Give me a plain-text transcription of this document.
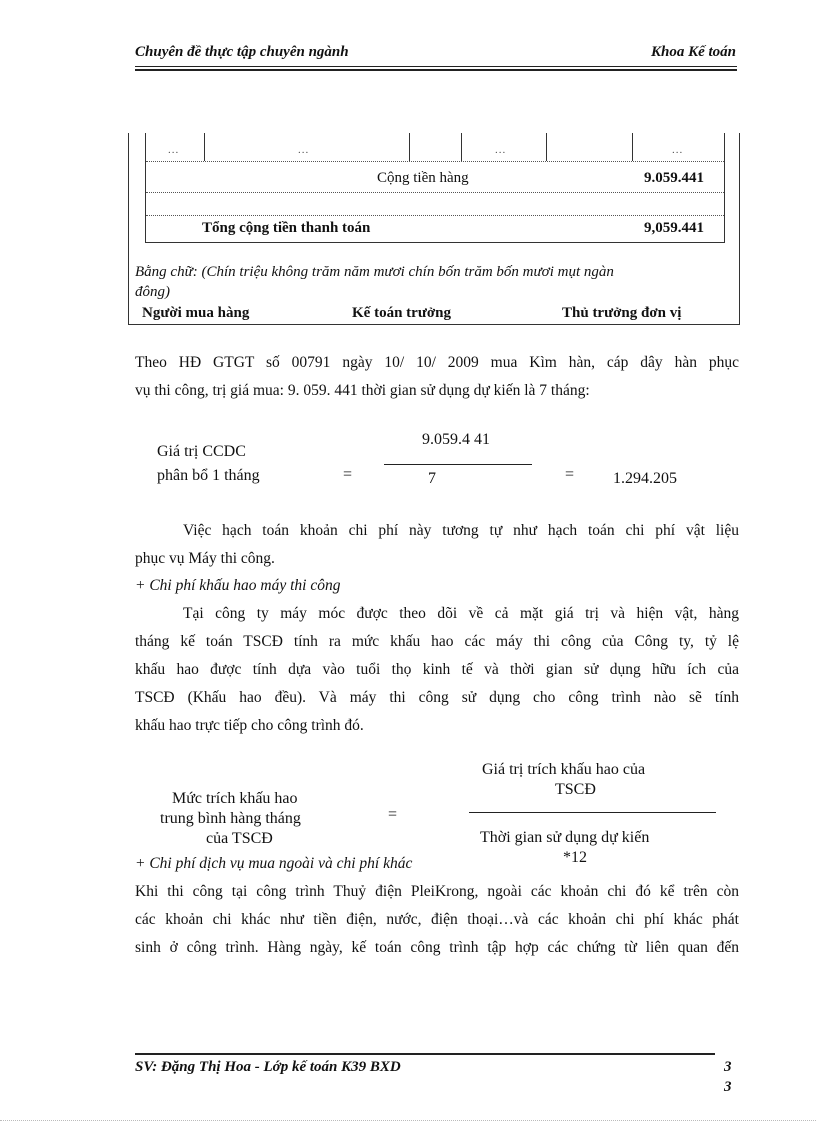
Chuyên đề thực tập chuyên ngành	Khoa Kế toán
...	...	...	...
Cộng tiền hàng	9.059.441
Tổng cộng tiền thanh toán	9,059.441
Bằng chữ: (Chín triệu không trăm năm mươi chín bốn trăm bốn mươi mụt ngàn
đông)
Người mua hàng	Kế toán trưởng	Thủ trưởng đơn vị
Theo HĐ GTGT số 00791 ngày 10/ 10/ 2009 mua Kìm hàn, cáp dây hàn phục
vụ thi công, trị giá mua: 9. 059. 441 thời gian sử dụng dự kiến là 7 tháng:
Giá trị CCDC
phân bổ 1 tháng	=
9.059.4 41
7	= 1.294.205
Việc hạch toán khoản chi phí này tương tự như hạch toán chi phí vật liệu
phục vụ Máy thi công.
+ Chi phí khấu hao máy thi công
Tại công ty máy móc được theo dõi về cả mặt giá trị và hiện vật, hàng
tháng kế toán TSCĐ tính ra mức khấu hao các máy thi công của Công ty, tỷ lệ
khấu hao được tính dựa vào tuổi thọ kinh tế và thời gian sử dụng hữu ích của
TSCĐ (Khấu hao đều). Và máy thi công sử dụng cho công trình nào sẽ tính
khấu hao trực tiếp cho công trình đó.
Mức trích khấu hao
trung bình hàng tháng
của TSCĐ
=
Giá trị trích khấu hao của
TSCĐ
Thời gian sử dụng dự kiến
*12
+ Chi phí dịch vụ mua ngoài và chi phí khác
Khi thi công tại công trình Thuỷ điện PleiKrong, ngoài các khoản chi đó kể trên còn
các khoản chi khác như tiền điện, nước, điện thoại…và các khoản chi phí khác phát
sinh ở công trình. Hàng ngày, kế toán công trình tập hợp các chứng từ liên quan đến
SV: Đặng Thị Hoa - Lớp kế toán K39 BXD	3
3
